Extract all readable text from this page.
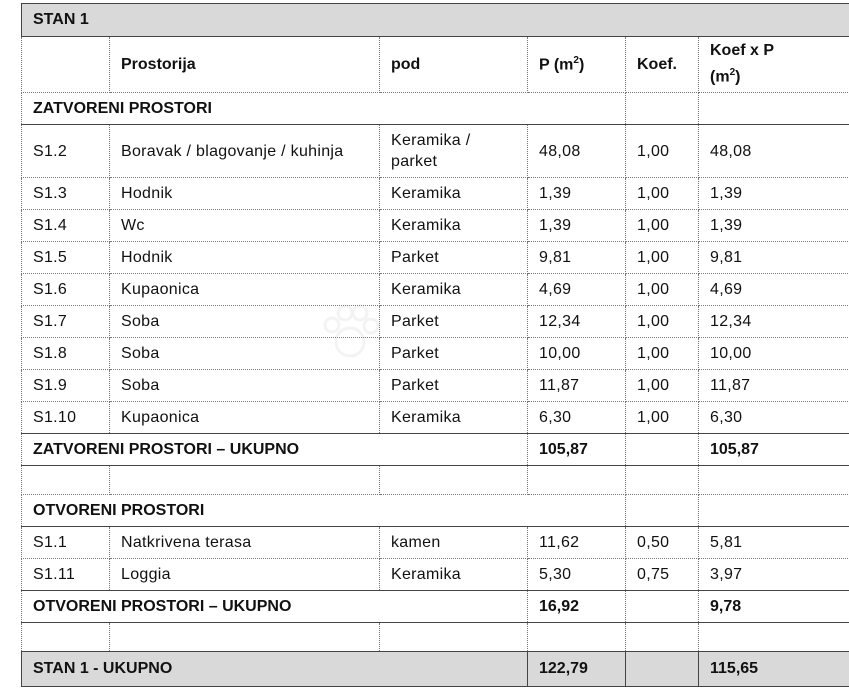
STAN 1					
	Prostorija	pod	P $(m^2)$	Koef.	Koef x P
$(m^2)$
ZATVORENI PROSTORI					
S1.2	Boravak / blagovanje / kuhinja	Keramika / parket	48,08	1,00	48,08
S1.3	Hodnik	Keramika	1,39	1,00	1,39
S1.4	Wc	Keramika	1,39	1,00	1,39
S1.5	Hodnik	Parket	9,81	1,00	9,81
S1.6	Kupaonica	Keramika	4,69	1,00	4,69
S1.7	Soba	Parket	12,34	1,00	12,34
S1.8	Soba	Parket	10,00	1,00	10,00
S1.9	Soba	Parket	11,87	1,00	11,87
S1.10	Kupaonica	Keramika	6,30	1,00	6,30
ZATVORENI PROSTORI – UKUPNO			105,87		105,87

OTVORENI PROSTORI					
S1.1	Natkrivena terasa	kamen	11,62	0,50	5,81
S1.11	Loggia	Keramika	5,30	0,75	3,97
OTVORENI PROSTORI – UKUPNO			16,92		9,78

STAN 1 - UKUPNO			122,79		115,65
